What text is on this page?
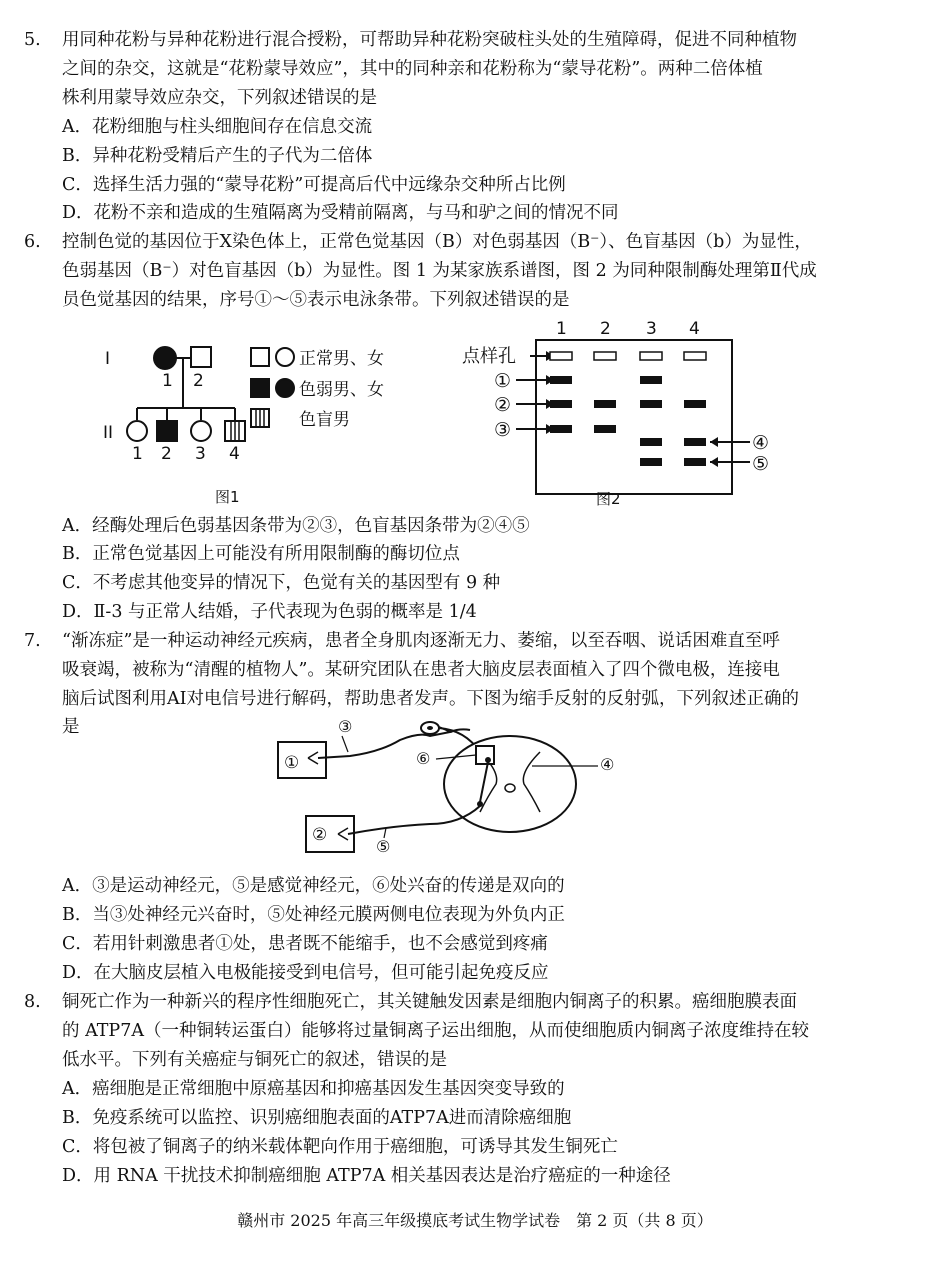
5. 用同种花粉与异种花粉进行混合授粉，可帮助异种花粉突破柱头处的生殖障碍，促进不同种植物
之间的杂交，这就是“花粉蒙导效应”，其中的同种亲和花粉称为“蒙导花粉”。两种二倍体植
株利用蒙导效应杂交，下列叙述错误的是
A．花粉细胞与柱头细胞间存在信息交流
B．异种花粉受精后产生的子代为二倍体
C．选择生活力强的“蒙导花粉”可提高后代中远缘杂交种所占比例
D．花粉不亲和造成的生殖隔离为受精前隔离，与马和驴之间的情况不同
6. 控制色觉的基因位于X染色体上，正常色觉基因（B）对色弱基因（B⁻）、色盲基因（b）为显性，
色弱基因（B⁻）对色盲基因（b）为显性。图 1 为某家族系谱图，图 2 为同种限制酶处理第Ⅱ代成
员色觉基因的结果，序号①～⑤表示电泳条带。下列叙述错误的是
I
1 2
II
1 2 3 4
正常男、女
色弱男、女
色盲男
图1
1 2 3 4
点样孔
①
②
③
④
⑤
图2
A．经酶处理后色弱基因条带为②③，色盲基因条带为②④⑤
B．正常色觉基因上可能没有所用限制酶的酶切位点
C．不考虑其他变异的情况下，色觉有关的基因型有 9 种
D．Ⅱ-3 与正常人结婚，子代表现为色弱的概率是 1/4
7. “渐冻症”是一种运动神经元疾病，患者全身肌肉逐渐无力、萎缩，以至吞咽、说话困难直至呼
吸衰竭，被称为“清醒的植物人”。某研究团队在患者大脑皮层表面植入了四个微电极，连接电
脑后试图利用AI对电信号进行解码，帮助患者发声。下图为缩手反射的反射弧，下列叙述正确的
是
①
③
⑥	④
②
⑤
A．③是运动神经元，⑤是感觉神经元，⑥处兴奋的传递是双向的
B．当③处神经元兴奋时，⑤处神经元膜两侧电位表现为外负内正
C．若用针刺激患者①处，患者既不能缩手，也不会感觉到疼痛
D．在大脑皮层植入电极能接受到电信号，但可能引起免疫反应
8. 铜死亡作为一种新兴的程序性细胞死亡，其关键触发因素是细胞内铜离子的积累。癌细胞膜表面
的 ATP7A（一种铜转运蛋白）能够将过量铜离子运出细胞，从而使细胞质内铜离子浓度维持在较
低水平。下列有关癌症与铜死亡的叙述，错误的是
A．癌细胞是正常细胞中原癌基因和抑癌基因发生基因突变导致的
B．免疫系统可以监控、识别癌细胞表面的ATP7A进而清除癌细胞
C．将包被了铜离子的纳米载体靶向作用于癌细胞，可诱导其发生铜死亡
D．用 RNA 干扰技术抑制癌细胞 ATP7A 相关基因表达是治疗癌症的一种途径
赣州市 2025 年高三年级摸底考试生物学试卷　第 2 页（共 8 页）
